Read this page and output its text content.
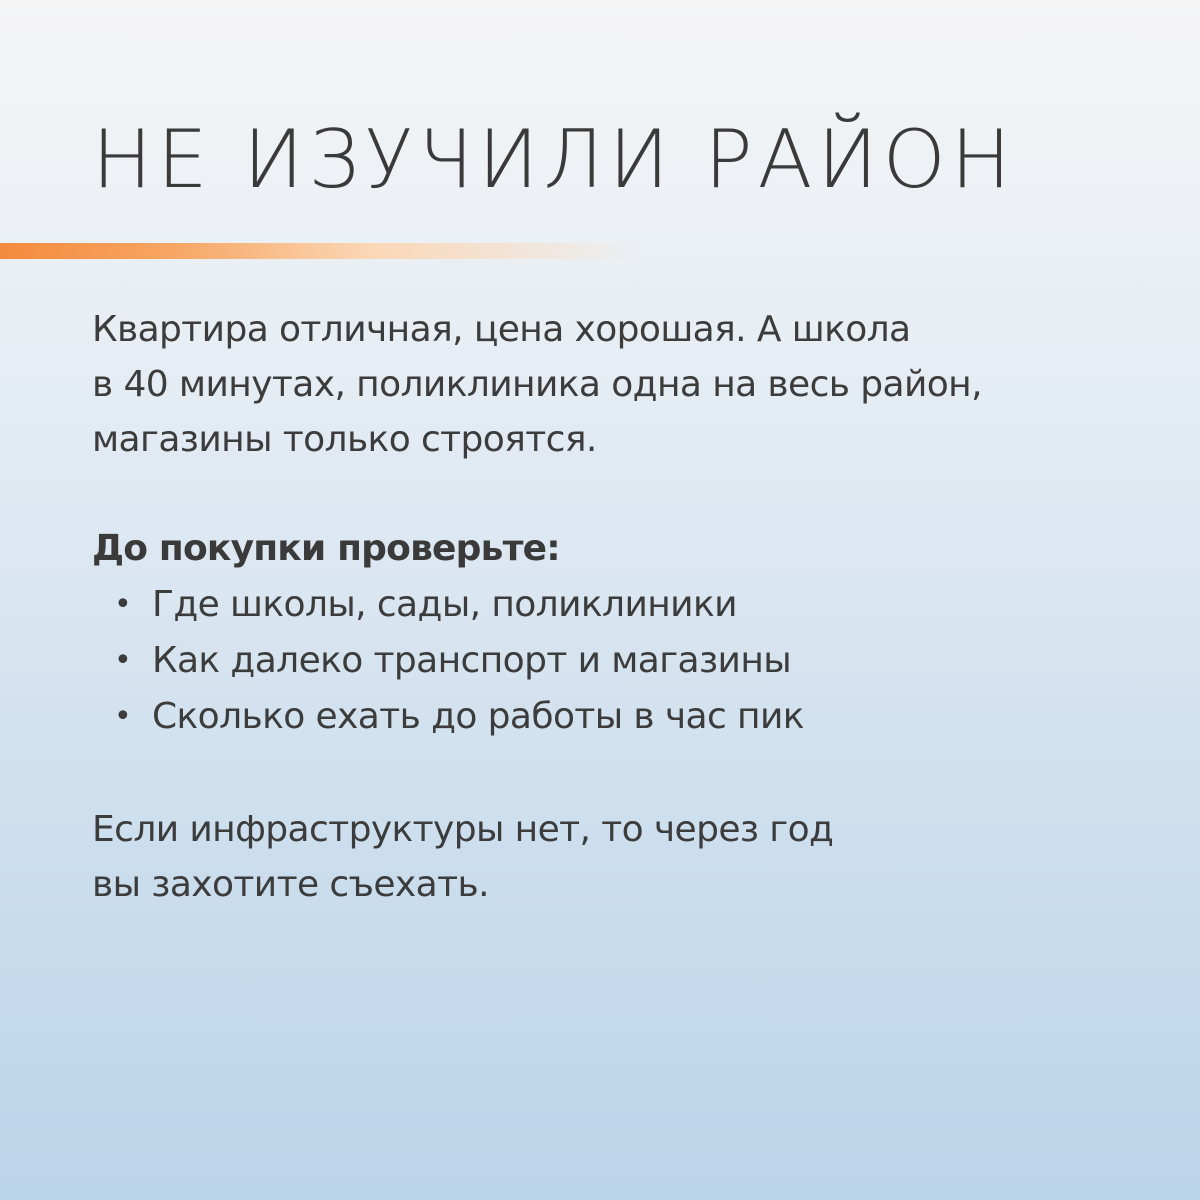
НЕ ИЗУЧИЛИ РАЙОН

Квартира отличная, цена хорошая. А школа
в 40 минутах, поликлиника одна на весь район,
магазины только строятся.

До покупки проверьте:

• Где школы, сады, поликлиники
• Как далеко транспорт и магазины
• Сколько ехать до работы в час пик

Если инфраструктуры нет, то через год
вы захотите съехать.
